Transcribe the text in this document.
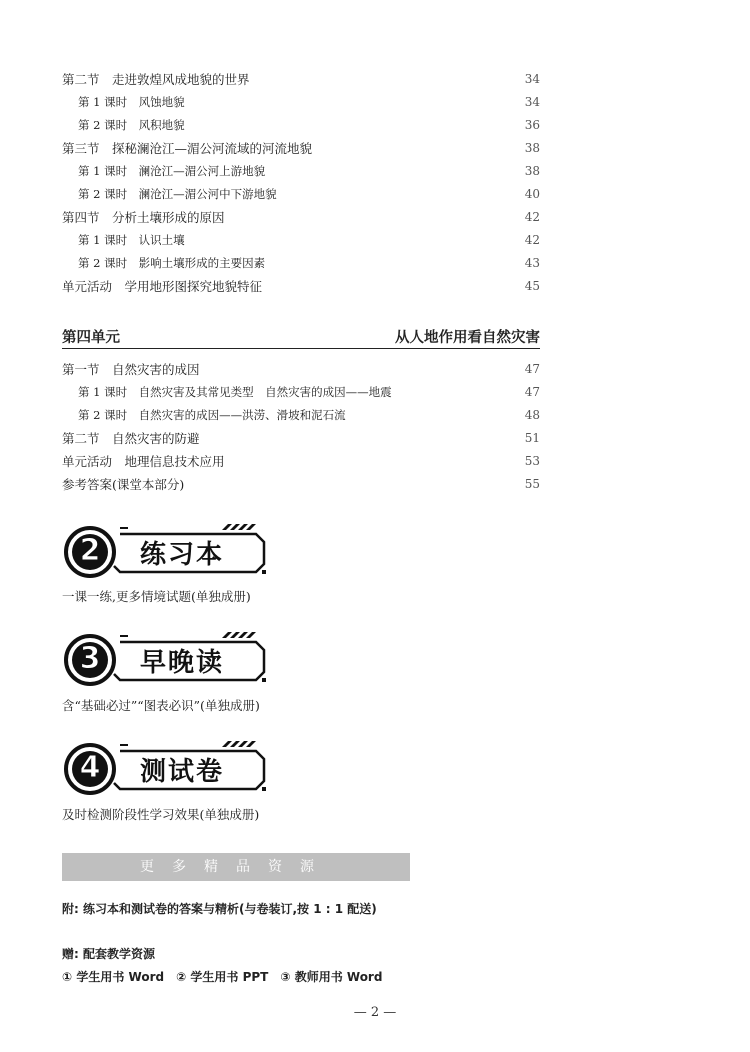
第二节　走进敦煌风成地貌的世界	34
第 1 课时　风蚀地貌	34
第 2 课时　风积地貌	36
第三节　探秘澜沧江—湄公河流域的河流地貌	38
第 1 课时　澜沧江—湄公河上游地貌	38
第 2 课时　澜沧江—湄公河中下游地貌	40
第四节　分析土壤形成的原因	42
第 1 课时　认识土壤	42
第 2 课时　影响土壤形成的主要因素	43
单元活动　学用地形图探究地貌特征	45
第四单元	从人地作用看自然灾害
第一节　自然灾害的成因	47
第 1 课时　自然灾害及其常见类型　自然灾害的成因——地震	47
第 2 课时　自然灾害的成因——洪涝、滑坡和泥石流	48
第二节　自然灾害的防避	51
单元活动　地理信息技术应用	53
参考答案(课堂本部分)	55
2	练习本
一课一练,更多情境试题(单独成册)
3	早晚读
含“基础必过”“图表必识”(单独成册)
4	测试卷
及时检测阶段性学习效果(单独成册)
更多精品资源
附: 练习本和测试卷的答案与精析(与卷装订,按 1 : 1 配送)
赠: 配套教学资源
① 学生用书 Word　② 学生用书 PPT　③ 教师用书 Word
— 2 —
